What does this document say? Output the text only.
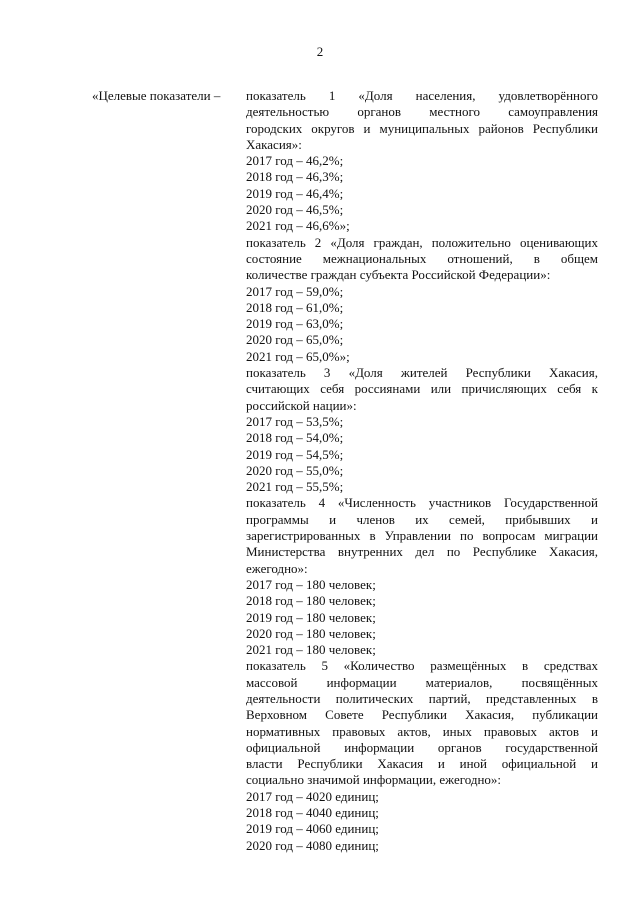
2
«Целевые показатели – показатель 1 «Доля населения, удовлетворённого
деятельностью органов местного самоуправления
городских округов и муниципальных районов Республики
Хакасия»:
2017 год – 46,2%;
2018 год – 46,3%;
2019 год – 46,4%;
2020 год – 46,5%;
2021 год – 46,6%»;
показатель 2 «Доля граждан, положительно оценивающих
состояние межнациональных отношений, в общем
количестве граждан субъекта Российской Федерации»:
2017 год – 59,0%;
2018 год – 61,0%;
2019 год – 63,0%;
2020 год – 65,0%;
2021 год – 65,0%»;
показатель 3 «Доля жителей Республики Хакасия,
считающих себя россиянами или причисляющих себя к
российской нации»:
2017 год – 53,5%;
2018 год – 54,0%;
2019 год – 54,5%;
2020 год – 55,0%;
2021 год – 55,5%;
показатель 4 «Численность участников Государственной
программы и членов их семей, прибывших и
зарегистрированных в Управлении по вопросам миграции
Министерства внутренних дел по Республике Хакасия,
ежегодно»:
2017 год – 180 человек;
2018 год – 180 человек;
2019 год – 180 человек;
2020 год – 180 человек;
2021 год – 180 человек;
показатель 5 «Количество размещённых в средствах
массовой информации материалов, посвящённых
деятельности политических партий, представленных в
Верховном Совете Республики Хакасия, публикации
нормативных правовых актов, иных правовых актов и
официальной информации органов государственной
власти Республики Хакасия и иной официальной и
социально значимой информации, ежегодно»:
2017 год – 4020 единиц;
2018 год – 4040 единиц;
2019 год – 4060 единиц;
2020 год – 4080 единиц;
